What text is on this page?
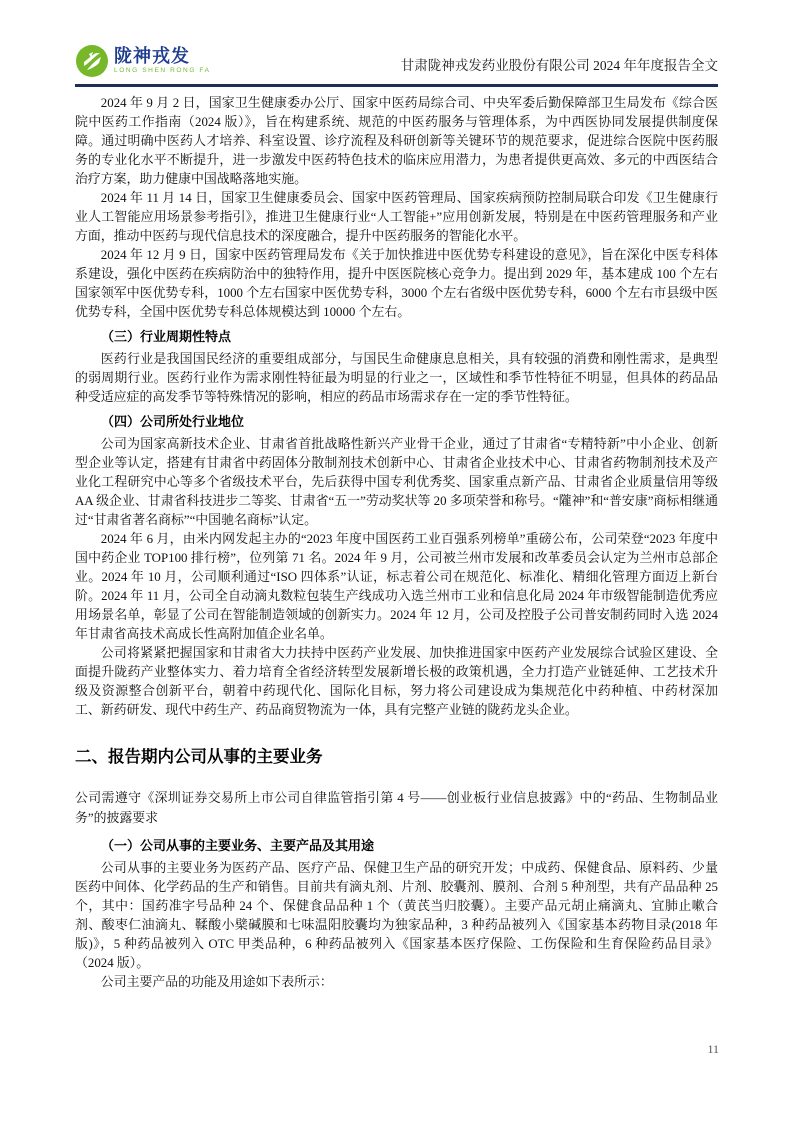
陇神戎发
LONG SHEN RONG FA	甘肃陇神戎发药业股份有限公司 2024 年年度报告全文
2024 年 9 月 2 日，国家卫生健康委办公厅、国家中医药局综合司、中央军委后勤保障部卫生局发布《综合医院中医药工作指南（2024 版）》，旨在构建系统、规范的中医药服务与管理体系，为中西医协同发展提供制度保障。通过明确中医药人才培养、科室设置、诊疗流程及科研创新等关键环节的规范要求，促进综合医院中医药服务的专业化水平不断提升，进一步激发中医药特色技术的临床应用潜力，为患者提供更高效、多元的中西医结合治疗方案，助力健康中国战略落地实施。
2024 年 11 月 14 日，国家卫生健康委员会、国家中医药管理局、国家疾病预防控制局联合印发《卫生健康行业人工智能应用场景参考指引》，推进卫生健康行业“人工智能+”应用创新发展，特别是在中医药管理服务和产业方面，推动中医药与现代信息技术的深度融合，提升中医药服务的智能化水平。
2024 年 12 月 9 日，国家中医药管理局发布《关于加快推进中医优势专科建设的意见》，旨在深化中医专科体系建设，强化中医药在疾病防治中的独特作用，提升中医医院核心竞争力。提出到 2029 年，基本建成 100 个左右国家领军中医优势专科，1000 个左右国家中医优势专科，3000 个左右省级中医优势专科，6000 个左右市县级中医优势专科，全国中医优势专科总体规模达到 10000 个左右。
（三）行业周期性特点
医药行业是我国国民经济的重要组成部分，与国民生命健康息息相关，具有较强的消费和刚性需求，是典型的弱周期行业。医药行业作为需求刚性特征最为明显的行业之一，区域性和季节性特征不明显，但具体的药品品种受适应症的高发季节等特殊情况的影响，相应的药品市场需求存在一定的季节性特征。
（四）公司所处行业地位
公司为国家高新技术企业、甘肃省首批战略性新兴产业骨干企业，通过了甘肃省“专精特新”中小企业、创新型企业等认定，搭建有甘肃省中药固体分散制剂技术创新中心、甘肃省企业技术中心、甘肃省药物制剂技术及产业化工程研究中心等多个省级技术平台，先后获得中国专利优秀奖、国家重点新产品、甘肃省企业质量信用等级 AA 级企业、甘肃省科技进步二等奖、甘肃省“五一”劳动奖状等 20 多项荣誉和称号。“隴神”和“普安康”商标相继通过“甘肃省著名商标”“中国驰名商标”认定。
2024 年 6 月，由米内网发起主办的“2023 年度中国医药工业百强系列榜单”重磅公布，公司荣登“2023 年度中国中药企业 TOP100 排行榜”，位列第 71 名。2024 年 9 月，公司被兰州市发展和改革委员会认定为兰州市总部企业。2024 年 10 月，公司顺利通过“ISO 四体系”认证，标志着公司在规范化、标准化、精细化管理方面迈上新台阶。2024 年 11 月，公司全自动滴丸数粒包装生产线成功入选兰州市工业和信息化局 2024 年市级智能制造优秀应用场景名单，彰显了公司在智能制造领域的创新实力。2024 年 12 月，公司及控股子公司普安制药同时入选 2024 年甘肃省高技术高成长性高附加值企业名单。
公司将紧紧把握国家和甘肃省大力扶持中医药产业发展、加快推进国家中医药产业发展综合试验区建设、全面提升陇药产业整体实力、着力培育全省经济转型发展新增长极的政策机遇，全力打造产业链延伸、工艺技术升级及资源整合创新平台，朝着中药现代化、国际化目标，努力将公司建设成为集规范化中药种植、中药材深加工、新药研发、现代中药生产、药品商贸物流为一体，具有完整产业链的陇药龙头企业。
二、报告期内公司从事的主要业务
公司需遵守《深圳证券交易所上市公司自律监管指引第 4 号——创业板行业信息披露》中的“药品、生物制品业务”的披露要求
（一）公司从事的主要业务、主要产品及其用途
公司从事的主要业务为医药产品、医疗产品、保健卫生产品的研究开发；中成药、保健食品、原料药、少量医药中间体、化学药品的生产和销售。目前共有滴丸剂、片剂、胶囊剂、膜剂、合剂 5 种剂型，共有产品品种 25 个，其中：国药准字号品种 24 个、保健食品品种 1 个（黄芪当归胶囊）。主要产品元胡止痛滴丸、宜肺止嗽合剂、酸枣仁油滴丸、鞣酸小檗碱膜和七味温阳胶囊均为独家品种，3 种药品被列入《国家基本药物目录(2018 年版)》，5 种药品被列入 OTC 甲类品种，6 种药品被列入《国家基本医疗保险、工伤保险和生育保险药品目录》（2024 版）。
公司主要产品的功能及用途如下表所示：
11
